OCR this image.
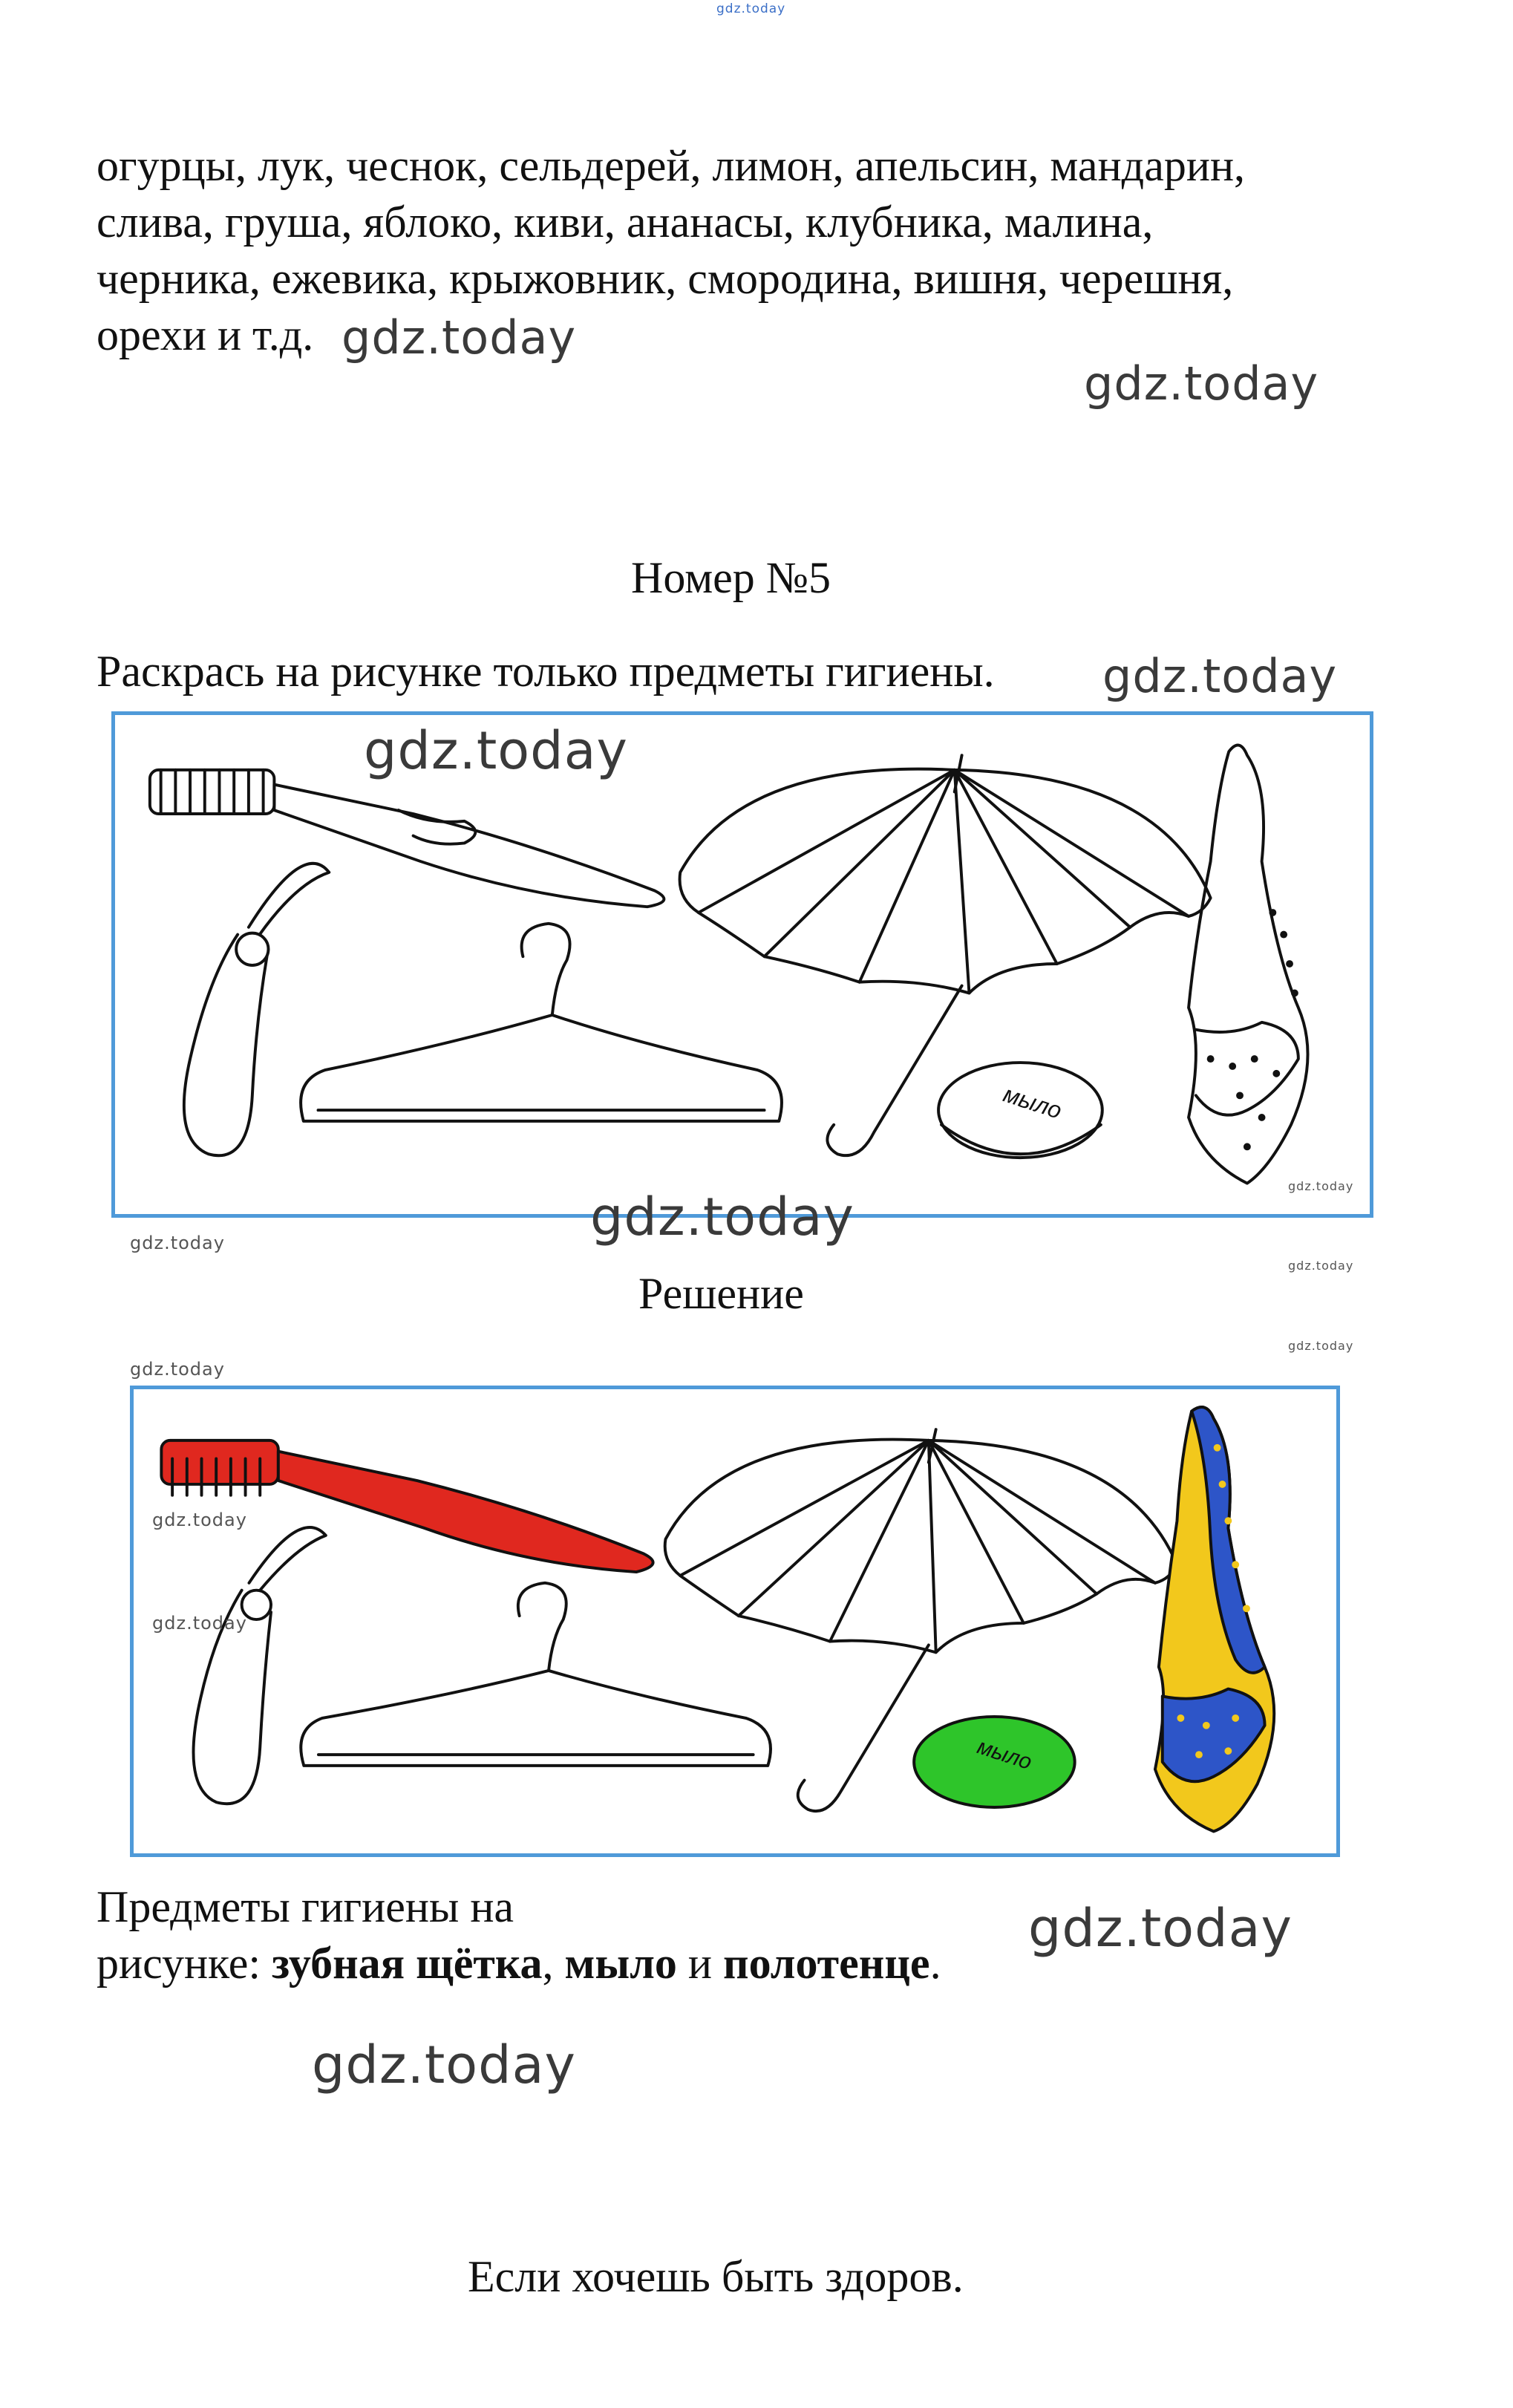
gdz.today
огурцы, лук, чеснок, сельдерей, лимон, апельсин, мандарин,
слива, груша, яблоко, киви, ананасы, клубника, малина,
черника, ежевика, крыжовник, смородина, вишня, черешня,
орехи и т.д. gdz.today
gdz.today
Номер №5
Раскрась на рисунке только предметы гигиены. gdz.today
мыло
gdz.today
gdz.today
gdz.today
gdz.today
gdz.today
gdz.today
gdz.today
Решение
мыло
gdz.today
gdz.today
Предметы гигиены на
рисунке: зубная щётка, мыло и полотенце.
gdz.today
gdz.today
Если хочешь быть здоров.
